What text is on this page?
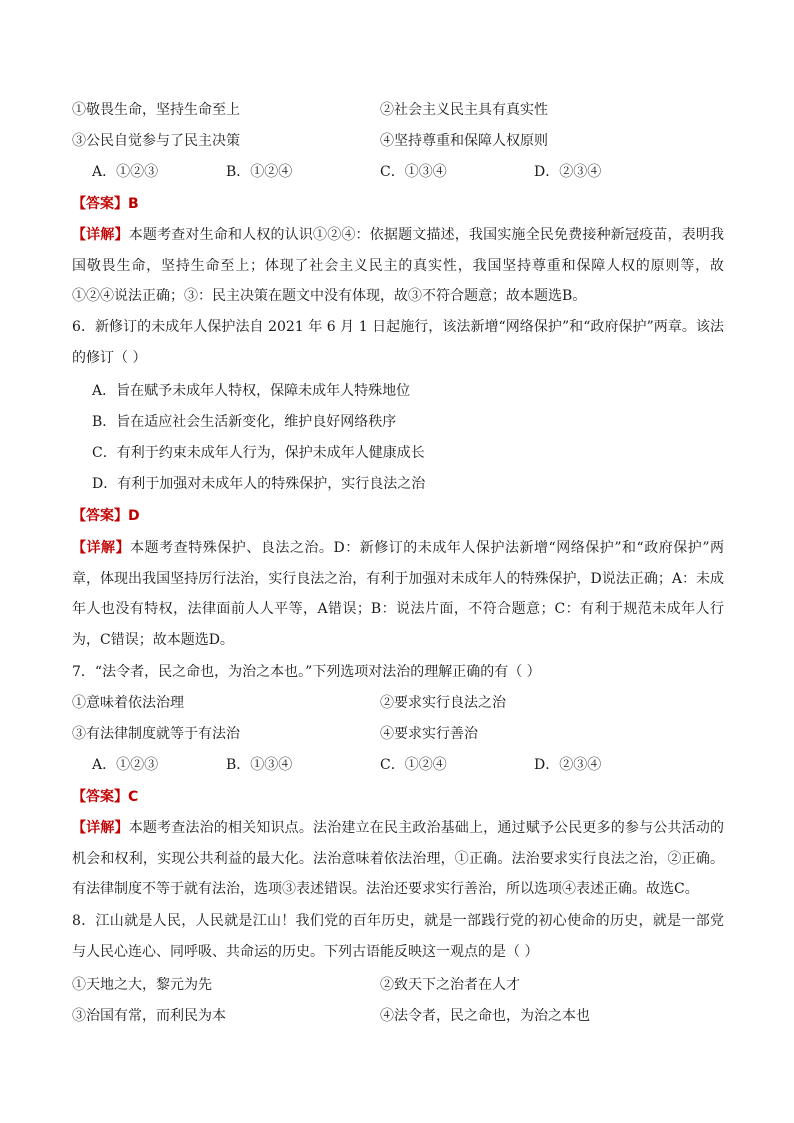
①敬畏生命，坚持生命至上	②社会主义民主具有真实性
③公民自觉参与了民主决策	④坚持尊重和保障人权原则
A．①②③	B．①②④	C．①③④	D．②③④
【答案】B
【详解】本题考查对生命和人权的认识①②④：依据题文描述，我国实施全民免费接种新冠疫苗，表明我国敬畏生命，坚持生命至上；体现了社会主义民主的真实性，我国坚持尊重和保障人权的原则等，故①②④说法正确；③：民主决策在题文中没有体现，故③不符合题意；故本题选B。
6．新修订的未成年人保护法自 2021 年 6 月 1 日起施行，该法新增“网络保护”和“政府保护”两章。该法的修订（ ）
A．旨在赋予未成年人特权，保障未成年人特殊地位
B．旨在适应社会生活新变化，维护良好网络秩序
C．有利于约束未成年人行为，保护未成年人健康成长
D．有利于加强对未成年人的特殊保护，实行良法之治
【答案】D
【详解】本题考查特殊保护、良法之治。D：新修订的未成年人保护法新增“网络保护”和“政府保护”两章，体现出我国坚持厉行法治，实行良法之治，有利于加强对未成年人的特殊保护，D说法正确；A：未成年人也没有特权，法律面前人人平等，A错误；B：说法片面，不符合题意；C：有利于规范未成年人行为，C错误；故本题选D。
7．“法令者，民之命也，为治之本也。”下列选项对法治的理解正确的有（ ）
①意味着依法治理	②要求实行良法之治
③有法律制度就等于有法治	④要求实行善治
A．①②③	B．①③④	C．①②④	D．②③④
【答案】C
【详解】本题考查法治的相关知识点。法治建立在民主政治基础上，通过赋予公民更多的参与公共活动的机会和权利，实现公共利益的最大化。法治意味着依法治理，①正确。法治要求实行良法之治，②正确。有法律制度不等于就有法治，选项③表述错误。法治还要求实行善治，所以选项④表述正确。故选C。
8．江山就是人民，人民就是江山！我们党的百年历史，就是一部践行党的初心使命的历史，就是一部党与人民心连心、同呼吸、共命运的历史。下列古语能反映这一观点的是（ ）
①天地之大，黎元为先	②致天下之治者在人才
③治国有常，而利民为本	④法令者，民之命也，为治之本也
